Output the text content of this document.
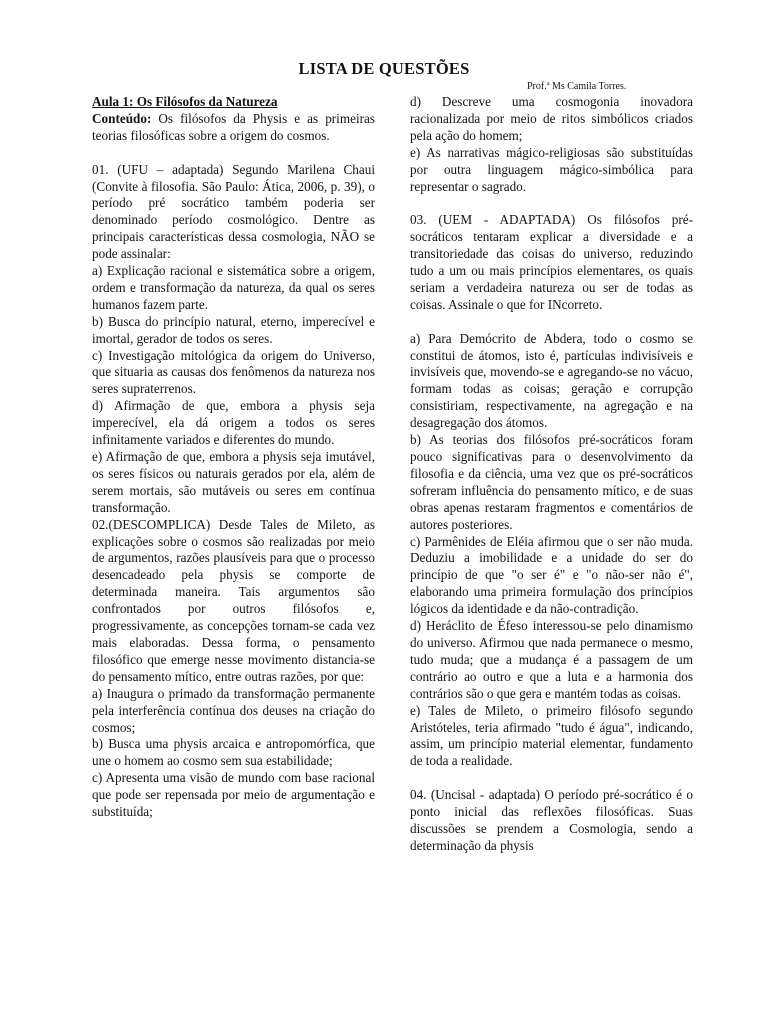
LISTA DE QUESTÕES
Prof.ª Ms Camila Torres.

Aula 1: Os Filósofos da Natureza

Conteúdo: Os filósofos da Physis e as primeiras teorias filosóficas sobre a origem do cosmos.

01. (UFU – adaptada) Segundo Marilena Chaui (Convite à filosofia. São Paulo: Ática, 2006, p. 39), o período pré socrático também poderia ser denominado período cosmológico. Dentre as principais características dessa cosmologia, NÃO se pode assinalar:

a) Explicação racional e sistemática sobre a origem, ordem e transformação da natureza, da qual os seres humanos fazem parte.

b) Busca do princípio natural, eterno, imperecível e imortal, gerador de todos os seres.

c) Investigação mitológica da origem do Universo, que situaria as causas dos fenômenos da natureza nos seres supraterrenos.

d) Afirmação de que, embora a physis seja imperecível, ela dá origem a todos os seres infinitamente variados e diferentes do mundo.

e) Afirmação de que, embora a physis seja imutável, os seres físicos ou naturais gerados por ela, além de serem mortais, são mutáveis ou seres em contínua transformação.

02.(DESCOMPLICA) Desde Tales de Mileto, as explicações sobre o cosmos são realizadas por meio de argumentos, razões plausíveis para que o processo desencadeado pela physis se comporte de determinada maneira. Tais argumentos são confrontados por outros filósofos e, progressivamente, as concepções tornam-se cada vez mais elaboradas. Dessa forma, o pensamento filosófico que emerge nesse movimento distancia-se do pensamento mítico, entre outras razões, por que:

a) Inaugura o primado da transformação permanente pela interferência contínua dos deuses na criação do cosmos;

b) Busca uma physis arcaica e antropomórfica, que une o homem ao cosmo sem sua estabilidade;

c) Apresenta uma visão de mundo com base racional que pode ser repensada por meio de argumentação e substituída;

d) Descreve uma cosmogonia inovadora racionalizada por meio de ritos simbólicos criados pela ação do homem;

e) As narrativas mágico-religiosas são substituídas por outra linguagem mágico-simbólica para representar o sagrado.

03. (UEM - ADAPTADA) Os filósofos pré-socráticos tentaram explicar a diversidade e a transitoriedade das coisas do universo, reduzindo tudo a um ou mais princípios elementares, os quais seriam a verdadeira natureza ou ser de todas as coisas. Assinale o que for INcorreto.

a) Para Demócrito de Abdera, todo o cosmo se constitui de átomos, isto é, partículas indivisíveis e invisíveis que, movendo-se e agregando-se no vácuo, formam todas as coisas; geração e corrupção consistiriam, respectivamente, na agregação e na desagregação dos átomos.

b) As teorias dos filósofos pré-socráticos foram pouco significativas para o desenvolvimento da filosofia e da ciência, uma vez que os pré-socráticos sofreram influência do pensamento mítico, e de suas obras apenas restaram fragmentos e comentários de autores posteriores.

c) Parmênides de Eléia afirmou que o ser não muda. Deduziu a imobilidade e a unidade do ser do princípio de que "o ser é" e "o não-ser não é", elaborando uma primeira formulação dos princípios lógicos da identidade e da não-contradição.

d) Heráclito de Éfeso interessou-se pelo dinamismo do universo. Afirmou que nada permanece o mesmo, tudo muda; que a mudança é a passagem de um contrário ao outro e que a luta e a harmonia dos contrários são o que gera e mantém todas as coisas.

e) Tales de Mileto, o primeiro filósofo segundo Aristóteles, teria afirmado "tudo é água", indicando, assim, um princípio material elementar, fundamento de toda a realidade.

04. (Uncisal - adaptada) O período pré-socrático é o ponto inicial das reflexões filosóficas. Suas discussões se prendem a Cosmologia, sendo a determinação da physis
